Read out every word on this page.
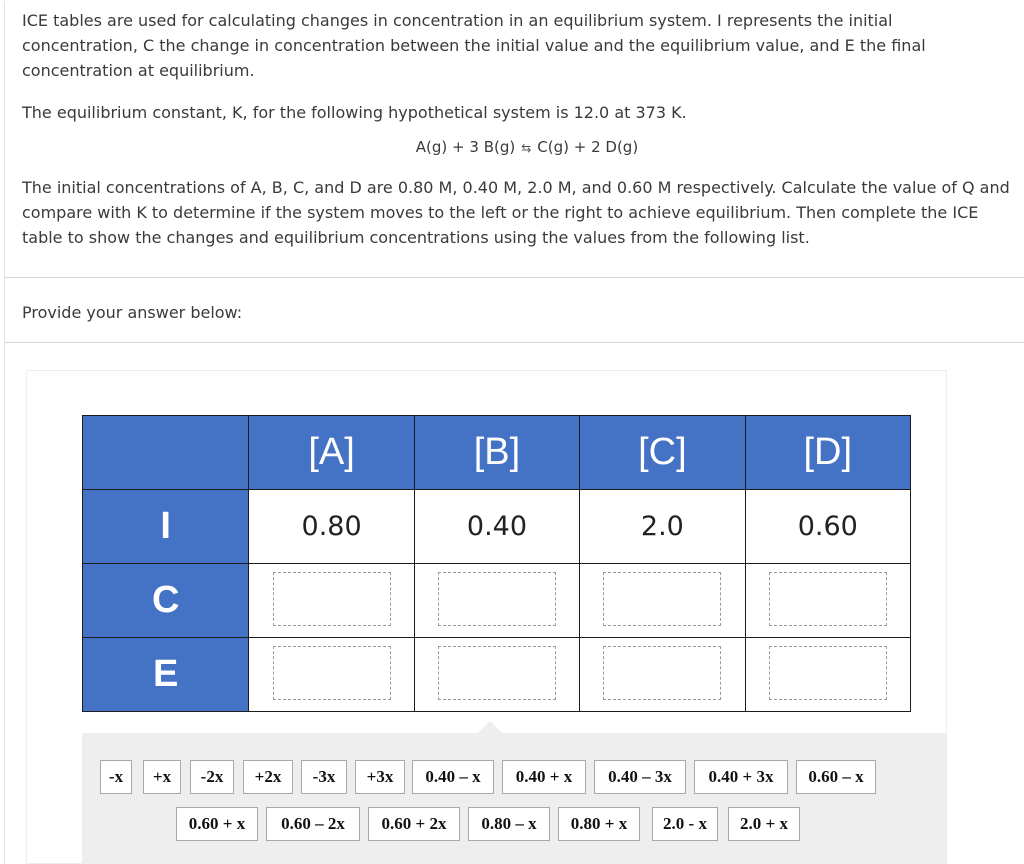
ICE tables are used for calculating changes in concentration in an equilibrium system. I represents the initial concentration, C the change in concentration between the initial value and the equilibrium value, and E the final concentration at equilibrium.

The equilibrium constant, K, for the following hypothetical system is 12.0 at 373 K.

A(g) + 3 B(g) ⇆ C(g) + 2 D(g)

The initial concentrations of A, B, C, and D are 0.80 M, 0.40 M, 2.0 M, and 0.60 M respectively. Calculate the value of Q and compare with K to determine if the system moves to the left or the right to achieve equilibrium. Then complete the ICE table to show the changes and equilibrium concentrations using the values from the following list.

Provide your answer below:
	[A]	[B]	[C]	[D]
I	0.80	0.40	2.0	0.60
C				
E				
-x	+x	-2x	+2x	-3x	+3x	0.40 – x	0.40 + x	0.40 – 3x	0.40 + 3x	0.60 – x
0.60 + x	0.60 – 2x	0.60 + 2x	0.80 – x	0.80 + x	2.0 - x	2.0 + x
